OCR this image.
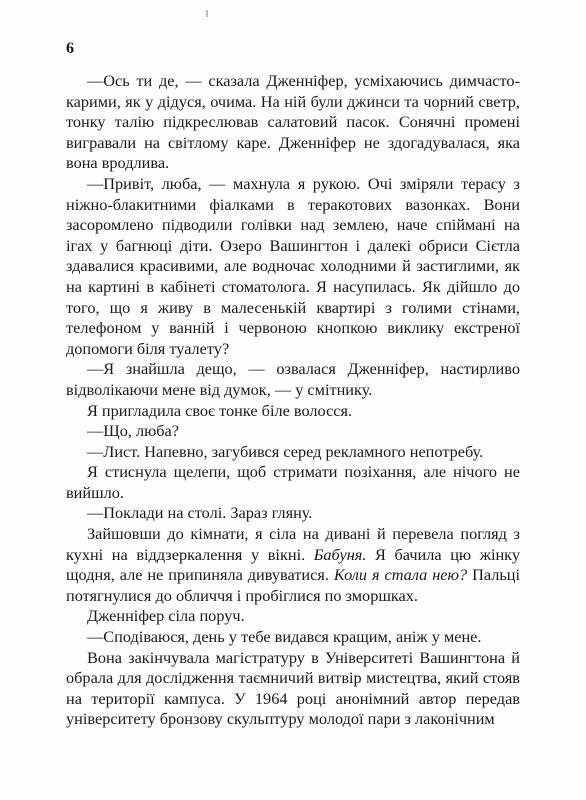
6

—Ось ти де, — сказала Дженніфер, усміхаючись димчасто-карими, як у дідуся, очима. На ній були джинси та чорний светр, тонку талію підкреслював салатовий пасок. Сонячні промені вигравали на світлому каре. Дженніфер не здогадувалася, яка вона вродлива.

—Привіт, люба, — махнула я рукою. Очі зміряли терасу з ніжно-блакитними фіалками в теракотових вазонках. Вони засоромлено підводили голівки над землею, наче спіймані на ігах у багнюці діти. Озеро Вашингтон і далекі обриси Сієтла здавалися красивими, але водночас холодними й застиглими, як на картині в кабінеті стоматолога. Я насупилась. Як дійшло до того, що я живу в малесенькій квартирі з голими стінами, телефоном у ванній і червоною кнопкою виклику екстреної допомоги біля туалету?

—Я знайшла дещо, — озвалася Дженніфер, настирливо відволікаючи мене від думок, — у смітнику.

Я пригладила своє тонке біле волосся.

—Що, люба?

—Лист. Напевно, загубився серед рекламного непотребу.

Я стиснула щелепи, щоб стримати позіхання, але нічого не вийшло.

—Поклади на столі. Зараз гляну.

Зайшовши до кімнати, я сіла на дивані й перевела погляд з кухні на віддзеркалення у вікні. Бабуня. Я бачила цю жінку щодня, але не припиняла дивуватися. Коли я стала нею? Пальці потягнулися до обличчя і пробіглися по зморшках.

Дженніфер сіла поруч.

—Сподіваюся, день у тебе видався кращим, аніж у мене.

Вона закінчувала магістратуру в Університеті Вашингтона й обрала для дослідження таємничий витвір мистецтва, який стояв на території кампуса. У 1964 році анонімний автор передав університету бронзову скульптуру молодої пари з лаконічним
